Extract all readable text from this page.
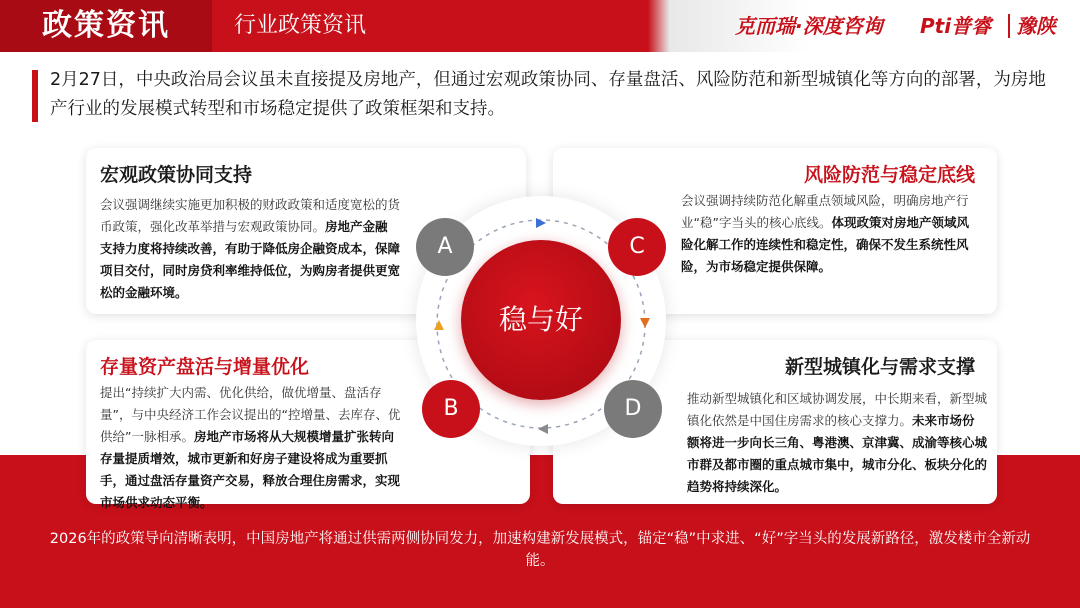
政策资讯	行业政策资讯	克而瑞·深度咨询 Pti普睿 豫陕
2月27日，中央政治局会议虽未直接提及房地产，但通过宏观政策协同、存量盘活、风险防范和新型城镇化等方向的部署，为房地产行业的发展模式转型和市场稳定提供了政策框架和支持。
宏观政策协同支持
会议强调继续实施更加积极的财政政策和适度宽松的货币政策，强化改革举措与宏观政策协同。房地产金融支持力度将持续改善，有助于降低房企融资成本，保障项目交付，同时房贷利率维持低位，为购房者提供更宽松的金融环境。
风险防范与稳定底线
会议强调持续防范化解重点领域风险，明确房地产行业“稳”字当头的核心底线。体现政策对房地产领域风险化解工作的连续性和稳定性，确保不发生系统性风险，为市场稳定提供保障。
存量资产盘活与增量优化
提出“持续扩大内需、优化供给，做优增量、盘活存量”，与中央经济工作会议提出的“控增量、去库存、优供给”一脉相承。房地产市场将从大规模增量扩张转向存量提质增效，城市更新和好房子建设将成为重要抓手，通过盘活存量资产交易，释放合理住房需求，实现市场供求动态平衡。
新型城镇化与需求支撑
推动新型城镇化和区域协调发展，中长期来看，新型城镇化依然是中国住房需求的核心支撑力。未来市场份额将进一步向长三角、粤港澳、京津冀、成渝等核心城市群及都市圈的重点城市集中，城市分化、板块分化的趋势将持续深化。
稳与好
A	C
B	D
2026年的政策导向清晰表明，中国房地产将通过供需两侧协同发力，加速构建新发展模式，锚定“稳”中求进、“好”字当头的发展新路径，激发楼市全新动能。
